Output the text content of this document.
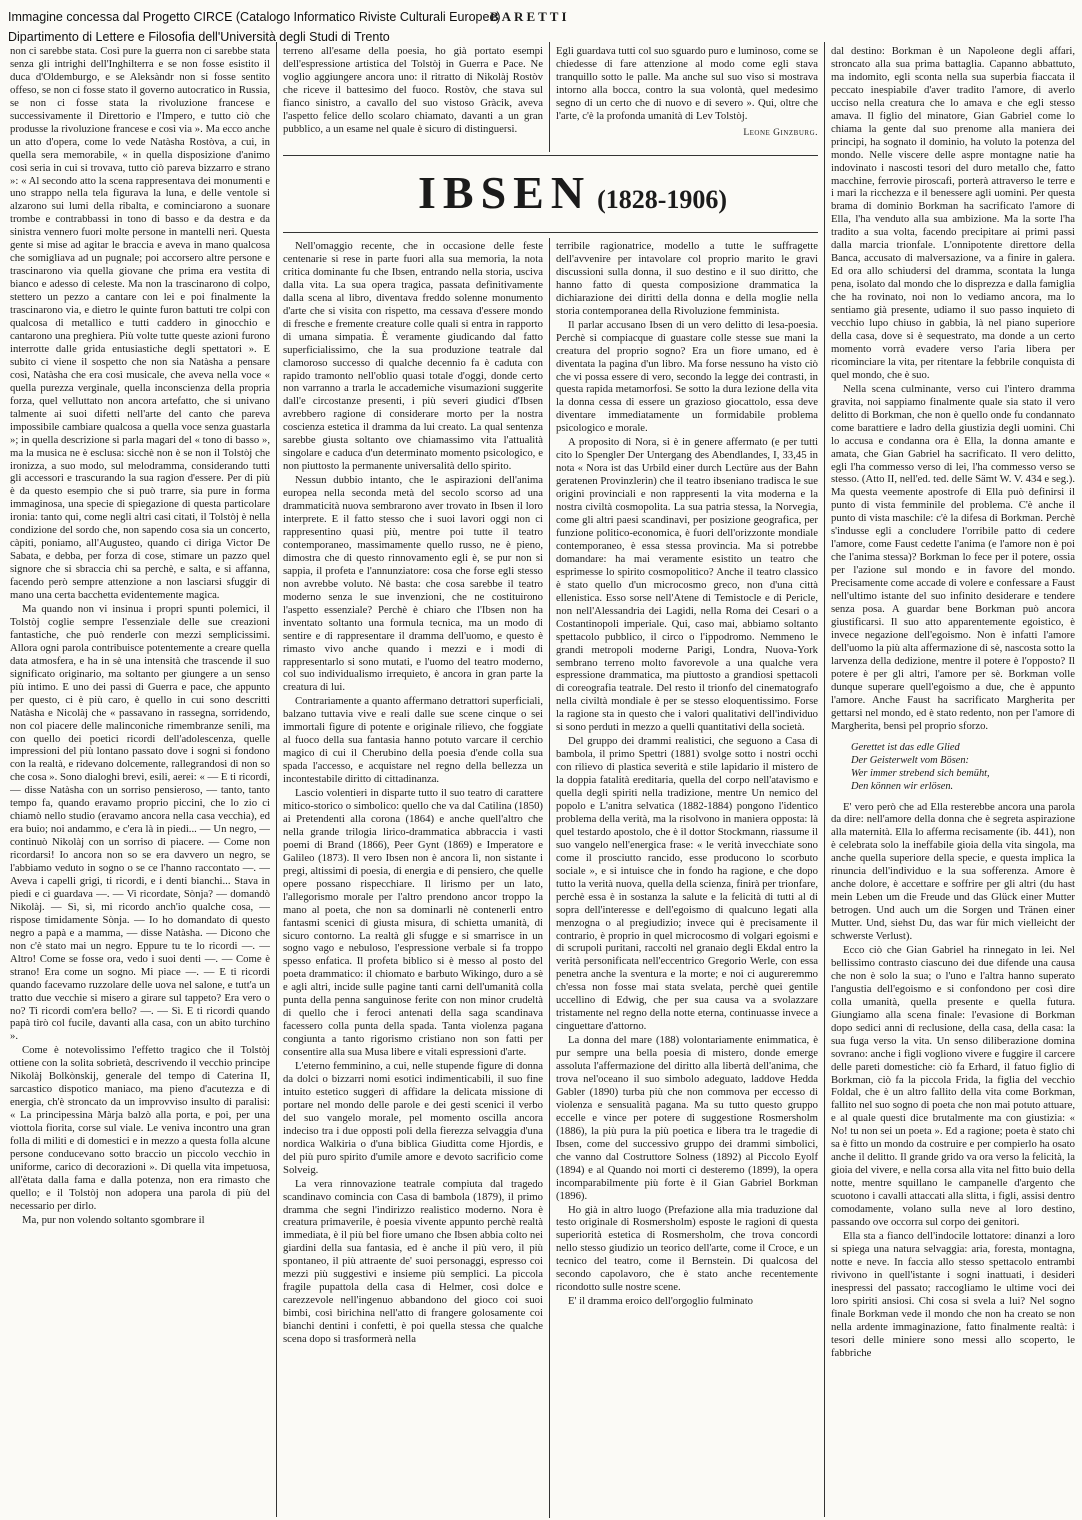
Immagine concessa dal Progetto CIRCE (Catalogo Informatico Riviste Culturali Europee)
Dipartimento di Lettere e Filosofia dell'Università degli Studi di Trento
BARETTI

non ci sarebbe stata. Così pure la guerra non ci sarebbe stata senza gli intrighi dell'Inghilterra e se non fosse esistito il duca d'Oldemburgo, e se Aleksàndr non si fosse sentito offeso, se non ci fosse stato il governo autocratico in Russia, se non ci fosse stata la rivoluzione francese e successivamente il Direttorio e l'Impero, e tutto ciò che produsse la rivoluzione francese e così via ». Ma ecco anche un atto d'opera, come lo vede Natàsha Rostòva, a cui, in quella sera memorabile, « in quella disposizione d'animo così seria in cui si trovava, tutto ciò pareva bizzarro e strano »: « Al secondo atto la scena rappresentava dei monumenti e uno strappo nella tela figurava la luna, e delle ventole si alzarono sui lumi della ribalta, e cominciarono a suonare trombe e contrabbassi in tono di basso e da destra e da sinistra vennero fuori molte persone in mantelli neri. Questa gente si mise ad agitar le braccia e aveva in mano qualcosa che somigliava ad un pugnale; poi accorsero altre persone e trascinarono via quella giovane che prima era vestita di bianco e adesso di celeste. Ma non la trascinarono di colpo, stettero un pezzo a cantare con lei e poi finalmente la trascinarono via, e dietro le quinte furon battuti tre colpi con qualcosa di metallico e tutti caddero in ginocchio e cantarono una preghiera. Più volte tutte queste azioni furono interrotte dalle grida entusiastiche degli spettatori ». E subito ci viene il sospetto che non sia Natàsha a pensare così, Natàsha che era così musicale, che aveva nella voce « quella purezza verginale, quella inconscienza della propria forza, quel velluttato non ancora artefatto, che si univano talmente ai suoi difetti nell'arte del canto che pareva impossibile cambiare qualcosa a quella voce senza guastarla »; in quella descrizione si parla magari del « tono di basso », ma la musica ne è esclusa: sicchè non è se non il Tolstòj che ironizza, a suo modo, sul melodramma, considerando tutti gli accessori e trascurando la sua ragion d'essere. Per di più è da questo esempio che si può trarre, sia pure in forma immaginosa, una specie di spiegazione di questa particolare ironia: tanto qui, come negli altri casi citati, il Tolstòj è nella condizione del sordo che, non sapendo cosa sia un concerto, càpiti, poniamo, all'Augusteo, quando ci diriga Victor De Sabata, e debba, per forza di cose, stimare un pazzo quel signore che si sbraccia chi sa perchè, e salta, e si affanna, facendo però sempre attenzione a non lasciarsi sfuggir di mano una certa bacchetta evidentemente magica.

Ma quando non vi insinua i propri spunti polemici, il Tolstòj coglie sempre l'essenziale delle sue creazioni fantastiche, che può renderle con mezzi semplicissimi. Allora ogni parola contribuisce potentemente a creare quella data atmosfera, e ha in sè una intensità che trascende il suo significato originario, ma soltanto per giungere a un senso più intimo. E uno dei passi di Guerra e pace, che appunto per questo, ci è più caro, è quello in cui sono descritti Natàsha e Nicolàj che « passavano in rassegna, sorridendo, non col piacere delle malinconiche rimembranze senili, ma con quello dei poetici ricordi dell'adolescenza, quelle impressioni del più lontano passato dove i sogni si fondono con la realtà, e ridevano dolcemente, rallegrandosi di non so che cosa ». Sono dialoghi brevi, esili, aerei: « — E ti ricordi, — disse Natàsha con un sorriso pensieroso, — tanto, tanto tempo fa, quando eravamo proprio piccini, che lo zio ci chiamò nello studio (eravamo ancora nella casa vecchia), ed era buio; noi andammo, e c'era là in piedi... — Un negro, — continuò Nikolàj con un sorriso di piacere. — Come non ricordarsi! Io ancora non so se era davvero un negro, se l'abbiamo veduto in sogno o se ce l'hanno raccontato —. — Aveva i capelli grigi, ti ricordi, e i denti bianchi... Stava in piedi e ci guardava —. — Vi ricordate, Sònja? — domandò Nikolàj. — Sì, sì, mi ricordo anch'io qualche cosa, — rispose timidamente Sònja. — Io ho domandato di questo negro a papà e a mamma, — disse Natàsha. — Dicono che non c'è stato mai un negro. Eppure tu te lo ricordi —. — Altro! Come se fosse ora, vedo i suoi denti —. — Come è strano! Era come un sogno. Mi piace —. — E ti ricordi quando facevamo ruzzolare delle uova nel salone, e tutt'a un tratto due vecchie si misero a girare sul tappeto? Era vero o no? Ti ricordi com'era bello? —. — Sì. E ti ricordi quando papà tirò col fucile, davanti alla casa, con un abito turchino ».

Come è notevolissimo l'effetto tragico che il Tolstòj ottiene con la solita sobrietà, descrivendo il vecchio principe Nikolàj Bolkònskij, generale del tempo di Caterina II, sarcastico dispotico maniaco, ma pieno d'acutezza e di energia, ch'è stroncato da un improvviso insulto di paralisi: « La principessina Màrja balzò alla porta, e poi, per una viottola fiorita, corse sul viale. Le veniva incontro una gran folla di militi e di domestici e in mezzo a questa folla alcune persone conducevano sotto braccio un piccolo vecchio in uniforme, carico di decorazioni ». Di quella vita impetuosa, all'ètata dalla fama e dalla potenza, non era rimasto che quello; e il Tolstòj non adopera una parola di più del necessario per dirlo.

Ma, pur non volendo soltanto sgombrare il

terreno all'esame della poesia, ho già portato esempi dell'espressione artistica del Tolstòj in Guerra e Pace. Ne voglio aggiungere ancora uno: il ritratto di Nikolàj Rostòv che riceve il battesimo del fuoco. Rostòv, che stava sul fianco sinistro, a cavallo del suo vistoso Gràcik, aveva l'aspetto felice dello scolaro chiamato, davanti a un gran pubblico, a un esame nel quale è sicuro di distinguersi.

Egli guardava tutti col suo sguardo puro e luminoso, come se chiedesse di fare attenzione al modo come egli stava tranquillo sotto le palle. Ma anche sul suo viso si mostrava intorno alla bocca, contro la sua volontà, quel medesimo segno di un certo che di nuovo e di severo ». Qui, oltre che l'arte, c'è la profonda umanità di Lev Tolstòj.

Leone Ginzburg.
IBSEN (1828-1906)

Nell'omaggio recente, che in occasione delle feste centenarie si rese in parte fuori alla sua memoria, la nota critica dominante fu che Ibsen, entrando nella storia, usciva dalla vita. La sua opera tragica, passata definitivamente dalla scena al libro, diventava freddo solenne monumento d'arte che si visita con rispetto, ma cessava d'essere mondo di fresche e fremente creature colle quali si entra in rapporto di umana simpatia. È veramente giudicando dal fatto superficialissimo, che la sua produzione teatrale dal clamoroso successo di qualche decennio fa è caduta con rapido tramonto nell'oblio quasi totale d'oggi, donde certo non varranno a trarla le accademiche visumazioni suggerite dall'e circostanze presenti, i più severi giudici d'Ibsen avrebbero ragione di considerare morto per la nostra coscienza estetica il dramma da lui creato. La qual sentenza sarebbe giusta soltanto ove chiamassimo vita l'attualità singolare e caduca d'un determinato momento psicologico, e non piuttosto la permanente universalità dello spirito.

Nessun dubbio intanto, che le aspirazioni dell'anima europea nella seconda metà del secolo scorso ad una drammaticità nuova sembrarono aver trovato in Ibsen il loro interprete. E il fatto stesso che i suoi lavori oggi non ci rappresentino quasi più, mentre poi tutte il teatro contemporaneo, massimamente quello russo, ne è pieno, dimostra che di questo rinnovamento egli è, se pur non si sappia, il profeta e l'annunziatore: cosa che forse egli stesso non avrebbe voluto. Nè basta: che cosa sarebbe il teatro moderno senza le sue invenzioni, che ne costituirono l'aspetto essenziale? Perchè è chiaro che l'Ibsen non ha inventato soltanto una formula tecnica, ma un modo di sentire e di rappresentare il dramma dell'uomo, e questo è rimasto vivo anche quando i mezzi e i modi di rappresentarlo si sono mutati, e l'uomo del teatro moderno, col suo individualismo irrequieto, è ancora in gran parte la creatura di lui.

Contrariamente a quanto affermano detrattori superficiali, balzano tuttavia vive e reali dalle sue scene cinque o sei immortali figure di potente e originale rilievo, che foggiate al fuoco della sua fantasia hanno potuto varcare il cerchio magico di cui il Cherubino della poesia d'ende colla sua spada l'accesso, e acquistare nel regno della bellezza un incontestabile diritto di cittadinanza.

Lascio volentieri in disparte tutto il suo teatro di carattere mitico-storico o simbolico: quello che va dal Catilina (1850) ai Pretendenti alla corona (1864) e anche quell'altro che nella grande trilogia lirico-drammatica abbraccia i vasti poemi di Brand (1866), Peer Gynt (1869) e Imperatore e Galileo (1873). Il vero Ibsen non è ancora lì, non sistante i pregi, altissimi di poesia, di energia e di pensiero, che quelle opere possano rispecchiare. Il lirismo per un lato, l'allegorismo morale per l'altro prendono ancor troppo la mano al poeta, che non sa dominarli nè contenerli entro fantasmi scenici di giusta misura, di schietta umanità, di sicuro contorno. La realtà gli sfugge e si smarrisce in un sogno vago e nebuloso, l'espressione verbale si fa troppo spesso enfatica. Il profeta biblico si è messo al posto del poeta drammatico: il chiomato e barbuto Wikingo, duro a sè e agli altri, incide sulle pagine tanti carni dell'umanità colla punta della penna sanguinose ferite con non minor crudeltà di quello che i feroci antenati della saga scandinava facessero colla punta della spada. Tanta violenza pagana congiunta a tanto rigorismo cristiano non son fatti per consentire alla sua Musa libere e vitali espressioni d'arte.

L'eterno femminino, a cui, nelle stupende figure di donna da dolci o bizzarri nomi esotici indimenticabili, il suo fine intuito estetico suggerì di affidare la delicata missione di portare nel mondo delle parole e dei gesti scenici il verbo del suo vangelo morale, pel momento oscilla ancora indeciso tra i due opposti poli della fierezza selvaggia d'una nordica Walkiria o d'una biblica Giuditta come Hjordis, e del più puro spirito d'umile amore e devoto sacrificio come Solveig.

La vera rinnovazione teatrale compiuta dal tragedo scandinavo comincia con Casa di bambola (1879), il primo dramma che segni l'indirizzo realistico moderno. Nora è creatura primaverile, è poesia vivente appunto perchè realtà immediata, è il più bel fiore umano che Ibsen abbia colto nei giardini della sua fantasia, ed è anche il più vero, il più spontaneo, il più attraente de' suoi personaggi, espresso coi mezzi più suggestivi e insieme più semplici. La piccola fragile pupattola della casa di Helmer, così dolce e carezzevole nell'ingenuo abbandono del gioco coi suoi bimbi, così birichina nell'atto di frangere golosamente coi bianchi dentini i confetti, è poi quella stessa che qualche scena dopo si trasformerà nella

terribile ragionatrice, modello a tutte le suffragette dell'avvenire per intavolare col proprio marito le gravi discussioni sulla donna, il suo destino e il suo diritto, che hanno fatto di questa composizione drammatica la dichiarazione dei diritti della donna e della moglie nella storia contemporanea della Rivoluzione femminista.

Il parlar accusano Ibsen di un vero delitto di lesa-poesia. Perchè si compiacque di guastare colle stesse sue mani la creatura del proprio sogno? Era un fiore umano, ed è diventata la pagina d'un libro. Ma forse nessuno ha visto ciò che vi possa essere di vero, secondo la legge dei contrasti, in questa rapida metamorfosi. Se sotto la dura lezione della vita la donna cessa di essere un grazioso giocattolo, essa deve diventare immediatamente un formidabile problema psicologico e morale.

A proposito di Nora, si è in genere affermato (e per tutti cito lo Spengler Der Untergang des Abendlandes, I, 33,45 in nota « Nora ist das Urbild einer durch Lectüre aus der Bahn geratenen Provinzlerin) che il teatro ibseniano tradisca le sue origini provinciali e non rappresenti la vita moderna e la nostra civiltà cosmopolita. La sua patria stessa, la Norvegia, come gli altri paesi scandinavi, per posizione geografica, per funzione politico-economica, è fuori dell'orizzonte mondiale contemporaneo, è essa stessa provincia. Ma si potrebbe domandare: ha mai veramente esistito un teatro che esprimesse lo spirito cosmopolitico? Anche il teatro classico è stato quello d'un microcosmo greco, non d'una città ellenistica. Esso sorse nell'Atene di Temistocle e di Pericle, non nell'Alessandria dei Lagidi, nella Roma dei Cesari o a Costantinopoli imperiale. Qui, caso mai, abbiamo soltanto spettacolo pubblico, il circo o l'ippodromo. Nemmeno le grandi metropoli moderne Parigi, Londra, Nuova-York sembrano terreno molto favorevole a una qualche vera espressione drammatica, ma piuttosto a grandiosi spettacoli di coreografia teatrale. Del resto il trionfo del cinematografo nella civiltà mondiale è per se stesso eloquentissimo. Forse la ragione sta in questo che i valori qualitativi dell'individuo si sono perduti in mezzo a quelli quantitativi della società.

Del gruppo dei drammi realistici, che seguono a Casa di bambola, il primo Spettri (1881) svolge sotto i nostri occhi con rilievo di plastica severità e stile lapidario il mistero de la doppia fatalità ereditaria, quella del corpo nell'atavismo e quella degli spiriti nella tradizione, mentre Un nemico del popolo e L'anitra selvatica (1882-1884) pongono l'identico problema della verità, ma la risolvono in maniera opposta: là quel testardo apostolo, che è il dottor Stockmann, riassume il suo vangelo nell'energica frase: « le verità invecchiate sono come il prosciutto rancido, esse producono lo scorbuto sociale », e si intuisce che in fondo ha ragione, e che dopo tutto la verità nuova, quella della scienza, finirà per trionfare, perchè essa è in sostanza la salute e la felicità di tutti al di sopra dell'interesse e dell'egoismo di qualcuno legati alla menzogna o al pregiudizio; invece qui è precisamente il contrario, è proprio in quel microcosmo di volgari egoismi e di scrupoli puritani, raccolti nel granaio degli Ekdal entro la verità personificata nell'eccentrico Gregorio Werle, con essa penetra anche la sventura e la morte; e noi ci augureremmo ch'essa non fosse mai stata svelata, perchè quei gentile uccellino di Edwig, che per sua causa va a svolazzare tristamente nel regno della notte eterna, continuasse invece a cinguettare d'attorno.

La donna del mare (188) volontariamente enimmatica, è pur sempre una bella poesia di mistero, donde emerge assoluta l'affermazione del diritto alla libertà dell'anima, che trova nel'oceano il suo simbolo adeguato, laddove Hedda Gabler (1890) turba più che non commova per eccesso di violenza e sensualità pagana. Ma su tutto questo gruppo eccelle e vince per potere di suggestione Rosmersholm (1886), la più pura la più poetica e libera tra le tragedie di Ibsen, come del successivo gruppo dei drammi simbolici, che vanno dal Costruttore Solness (1892) al Piccolo Eyolf (1894) e al Quando noi morti ci desteremo (1899), la opera incomparabilmente più forte è il Gian Gabriel Borkman (1896).

Ho già in altro luogo (Prefazione alla mia traduzione dal testo originale di Rosmersholm) esposte le ragioni di questa superiorità estetica di Rosmersholm, che trova concordi nello stesso giudizio un teorico dell'arte, come il Croce, e un tecnico del teatro, come il Bernstein. Di qualcosa del secondo capolavoro, che è stato anche recentemente ricondotto sulle nostre scene.

E' il dramma eroico dell'orgoglio fulminato

dal destino: Borkman è un Napoleone degli affari, stroncato alla sua prima battaglia. Capanno abbattuto, ma indomito, egli sconta nella sua superbia fiaccata il peccato inespiabile d'aver tradito l'amore, di averlo ucciso nella creatura che lo amava e che egli stesso amava. Il figlio del minatore, Gian Gabriel come lo chiama la gente dal suo prenome alla maniera dei principi, ha sognato il dominio, ha voluto la potenza del mondo. Nelle viscere delle aspre montagne natie ha indovinato i nascosti tesori del duro metallo che, fatto macchine, ferrovie piroscafi, porterà attraverso le terre e i mari la ricchezza e il benessere agli uomini. Per questa brama di dominio Borkman ha sacrificato l'amore di Ella, l'ha venduto alla sua ambizione. Ma la sorte l'ha tradito a sua volta, facendo precipitare ai primi passi dalla marcia trionfale. L'onnipotente direttore della Banca, accusato di malversazione, va a finire in galera. Ed ora allo schiudersi del dramma, scontata la lunga pena, isolato dal mondo che lo disprezza e dalla famiglia che ha rovinato, noi non lo vediamo ancora, ma lo sentiamo già presente, udiamo il suo passo inquieto di vecchio lupo chiuso in gabbia, là nel piano superiore della casa, dove si è sequestrato, ma donde a un certo momento vorrà evadere verso l'aria libera per ricominciare la vita, per ritentare la febbrile conquista di quel mondo, che è suo.

Nella scena culminante, verso cui l'intero dramma gravita, noi sappiamo finalmente quale sia stato il vero delitto di Borkman, che non è quello onde fu condannato come barattiere e ladro della giustizia degli uomini. Chi lo accusa e condanna ora è Ella, la donna amante e amata, che Gian Gabriel ha sacrificato. Il vero delitto, egli l'ha commesso verso di lei, l'ha commesso verso se stesso. (Atto II, nell'ed. ted. delle Sämt W. V. 434 e seg.). Ma questa veemente apostrofe di Ella può definirsi il punto di vista femminile del problema. C'è anche il punto di vista maschile: c'è la difesa di Borkman. Perchè s'indusse egli a concludere l'orribile patto di cedere l'amore, come Faust cedette l'anima (e l'amore non è poi che l'anima stessa)? Borkman lo fece per il potere, ossia per l'azione sul mondo e in favore del mondo. Precisamente come accade di volere e confessare a Faust nell'ultimo istante del suo infinito desiderare e tendere senza posa. A guardar bene Borkman può ancora giustificarsi. Il suo atto apparentemente egoistico, è invece negazione dell'egoismo. Non è infatti l'amore dell'uomo la più alta affermazione di sè, nascosta sotto la larvenza della dedizione, mentre il potere è l'opposto? Il potere è per gli altri, l'amore per sè. Borkman volle dunque superare quell'egoismo a due, che è appunto l'amore. Anche Faust ha sacrificato Margherita per gettarsi nel mondo, ed è stato redento, non per l'amore di Margherita, bensì pel proprio sforzo.

Gerettet ist das edle Glied
Der Geisterwelt vom Bösen:
Wer immer strebend sich bemüht,
Den können wir erlösen.

E' vero però che ad Ella resterebbe ancora una parola da dire: nell'amore della donna che è segreta aspirazione alla maternità. Ella lo afferma recisamente (ib. 441), non è celebrata solo la ineffabile gioia della vita singola, ma anche quella superiore della specie, e questa implica la rinuncia dell'individuo e la sua sofferenza. Amore è anche dolore, è accettare e soffrire per gli altri (du hast mein Leben um die Freude und das Glück einer Mutter betrogen. Und auch um die Sorgen und Tränen einer Mutter. Und, siehst Du, das war für mich vielleicht der schwerste Verlust).

Ecco ciò che Gian Gabriel ha rinnegato in lei. Nel bellissimo contrasto ciascuno dei due difende una causa che non è solo la sua; o l'uno e l'altra hanno superato l'angustia dell'egoismo e si confondono per così dire colla umanità, quella presente e quella futura. Giungiamo alla scena finale: l'evasione di Borkman dopo sedici anni di reclusione, della casa, della casa: la sua fuga verso la vita. Un senso diliberazione domina sovrano: anche i figli vogliono vivere e fuggire il carcere delle pareti domestiche: ciò fa Erhard, il fatuo figlio di Borkman, ciò fa la piccola Frida, la figlia del vecchio Foldal, che è un altro fallito della vita come Borkman, fallito nel suo sogno di poeta che non mai potuto attuare, e al quale questi dice brutalmente ma con giustizia: « No! tu non sei un poeta ». Ed a ragione; poeta è stato chi sa è fitto un mondo da costruire e per compierlo ha osato anche il delitto. Il grande grido va ora verso la felicità, la gioia del vivere, e nella corsa alla vita nel fitto buio della notte, mentre squillano le campanelle d'argento che scuotono i cavalli attaccati alla slitta, i figli, assisi dentro comodamente, volano sulla neve al loro destino, passando ove occorra sul corpo dei genitori.

Ella sta a fianco dell'indocile lottatore: dinanzi a loro si spiega una natura selvaggia: aria, foresta, montagna, notte e neve. In faccia allo stesso spettacolo entrambi rivivono in quell'istante i sogni inattuati, i desideri inespressi del passato; raccogliamo le ultime voci dei loro spiriti ansiosi. Chi cosa si svela a lui? Nel sogno finale Borkman vede il mondo che non ha creato se non nella ardente immaginazione, fatto finalmente realtà: i tesori delle miniere sono messi allo scoperto, le fabbriche
